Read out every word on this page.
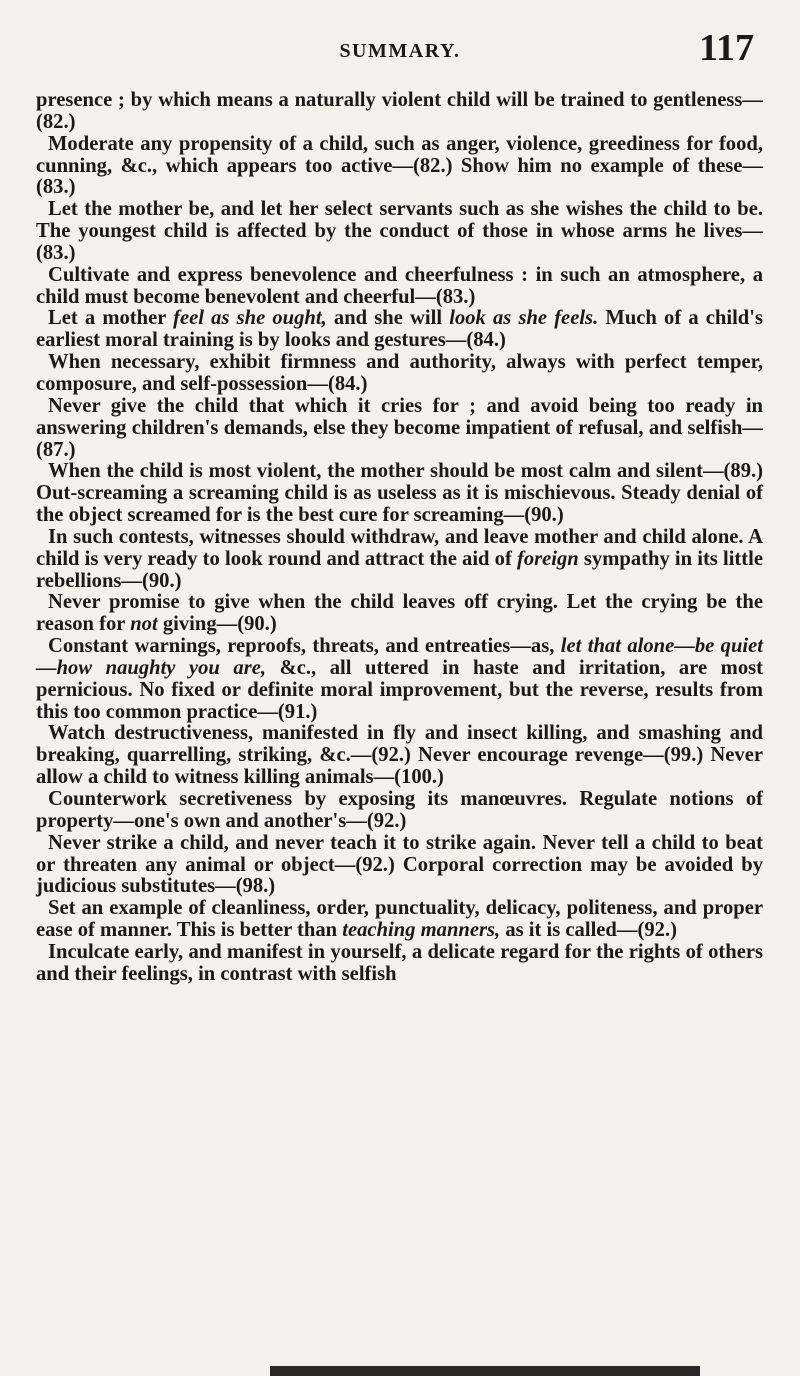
SUMMARY.	117

presence ; by which means a naturally violent child will be trained to gentleness—(82.)

Moderate any propensity of a child, such as anger, violence, greediness for food, cunning, &c., which appears too active—(82.) Show him no example of these—(83.)

Let the mother be, and let her select servants such as she wishes the child to be. The youngest child is affected by the conduct of those in whose arms he lives—(83.)

Cultivate and express benevolence and cheerfulness : in such an atmosphere, a child must become benevolent and cheerful—(83.)

Let a mother feel as she ought, and she will look as she feels. Much of a child's earliest moral training is by looks and gestures—(84.)

When necessary, exhibit firmness and authority, always with perfect temper, composure, and self-possession—(84.)

Never give the child that which it cries for ; and avoid being too ready in answering children's demands, else they become impatient of refusal, and selfish—(87.)

When the child is most violent, the mother should be most calm and silent—(89.) Out-screaming a screaming child is as useless as it is mischievous. Steady denial of the object screamed for is the best cure for screaming—(90.)

In such contests, witnesses should withdraw, and leave mother and child alone. A child is very ready to look round and attract the aid of foreign sympathy in its little rebellions—(90.)

Never promise to give when the child leaves off crying. Let the crying be the reason for not giving—(90.)

Constant warnings, reproofs, threats, and entreaties—as, let that alone—be quiet—how naughty you are, &c., all uttered in haste and irritation, are most pernicious. No fixed or definite moral improvement, but the reverse, results from this too common practice—(91.)

Watch destructiveness, manifested in fly and insect killing, and smashing and breaking, quarrelling, striking, &c.—(92.) Never encourage revenge—(99.) Never allow a child to witness killing animals—(100.)

Counterwork secretiveness by exposing its manœuvres. Regulate notions of property—one's own and another's—(92.)

Never strike a child, and never teach it to strike again. Never tell a child to beat or threaten any animal or object—(92.) Corporal correction may be avoided by judicious substitutes—(98.)

Set an example of cleanliness, order, punctuality, delicacy, politeness, and proper ease of manner. This is better than teaching manners, as it is called—(92.)

Inculcate early, and manifest in yourself, a delicate regard for the rights of others and their feelings, in contrast with selfish
